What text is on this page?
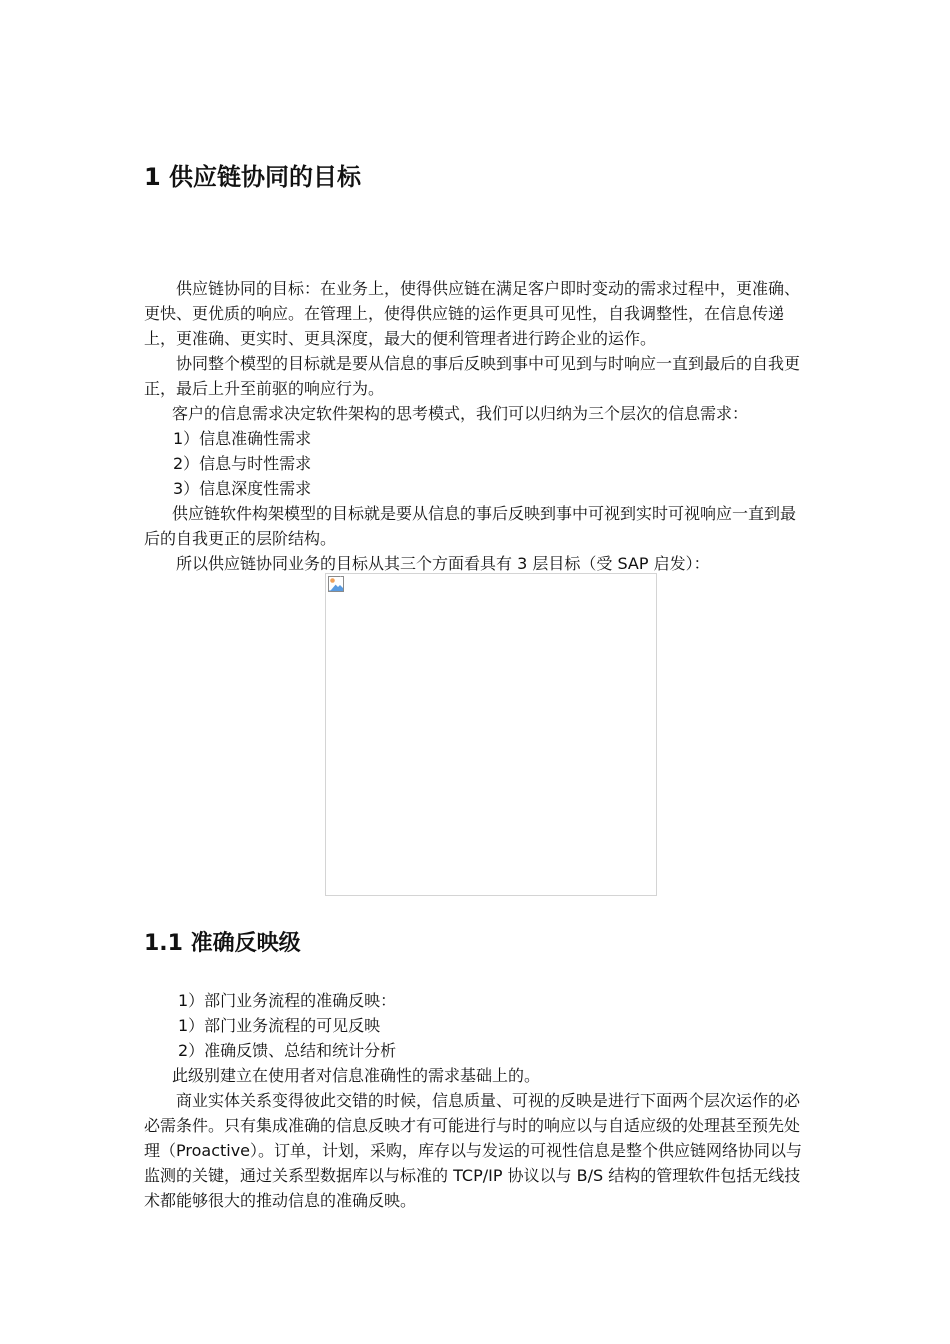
1 供应链协同的目标

供应链协同的目标：在业务上，使得供应链在满足客户即时变动的需求过程中，更准确、更快、更优质的响应。在管理上，使得供应链的运作更具可见性，自我调整性，在信息传递上，更准确、更实时、更具深度，最大的便利管理者进行跨企业的运作。

协同整个模型的目标就是要从信息的事后反映到事中可见到与时响应一直到最后的自我更正，最后上升至前驱的响应行为。

客户的信息需求决定软件架构的思考模式，我们可以归纳为三个层次的信息需求：

1）信息准确性需求

2）信息与时性需求

3）信息深度性需求

供应链软件构架模型的目标就是要从信息的事后反映到事中可视到实时可视响应一直到最后的自我更正的层阶结构。

所以供应链协同业务的目标从其三个方面看具有 3 层目标（受 SAP 启发）：

1.1 准确反映级

1）部门业务流程的准确反映：

1）部门业务流程的可见反映

2）准确反馈、总结和统计分析

此级别建立在使用者对信息准确性的需求基础上的。

商业实体关系变得彼此交错的时候，信息质量、可视的反映是进行下面两个层次运作的必必需条件。只有集成准确的信息反映才有可能进行与时的响应以与自适应级的处理甚至预先处理（Proactive）。订单，计划，采购，库存以与发运的可视性信息是整个供应链网络协同以与监测的关键，通过关系型数据库以与标准的 TCP/IP 协议以与 B/S 结构的管理软件包括无线技术都能够很大的推动信息的准确反映。
